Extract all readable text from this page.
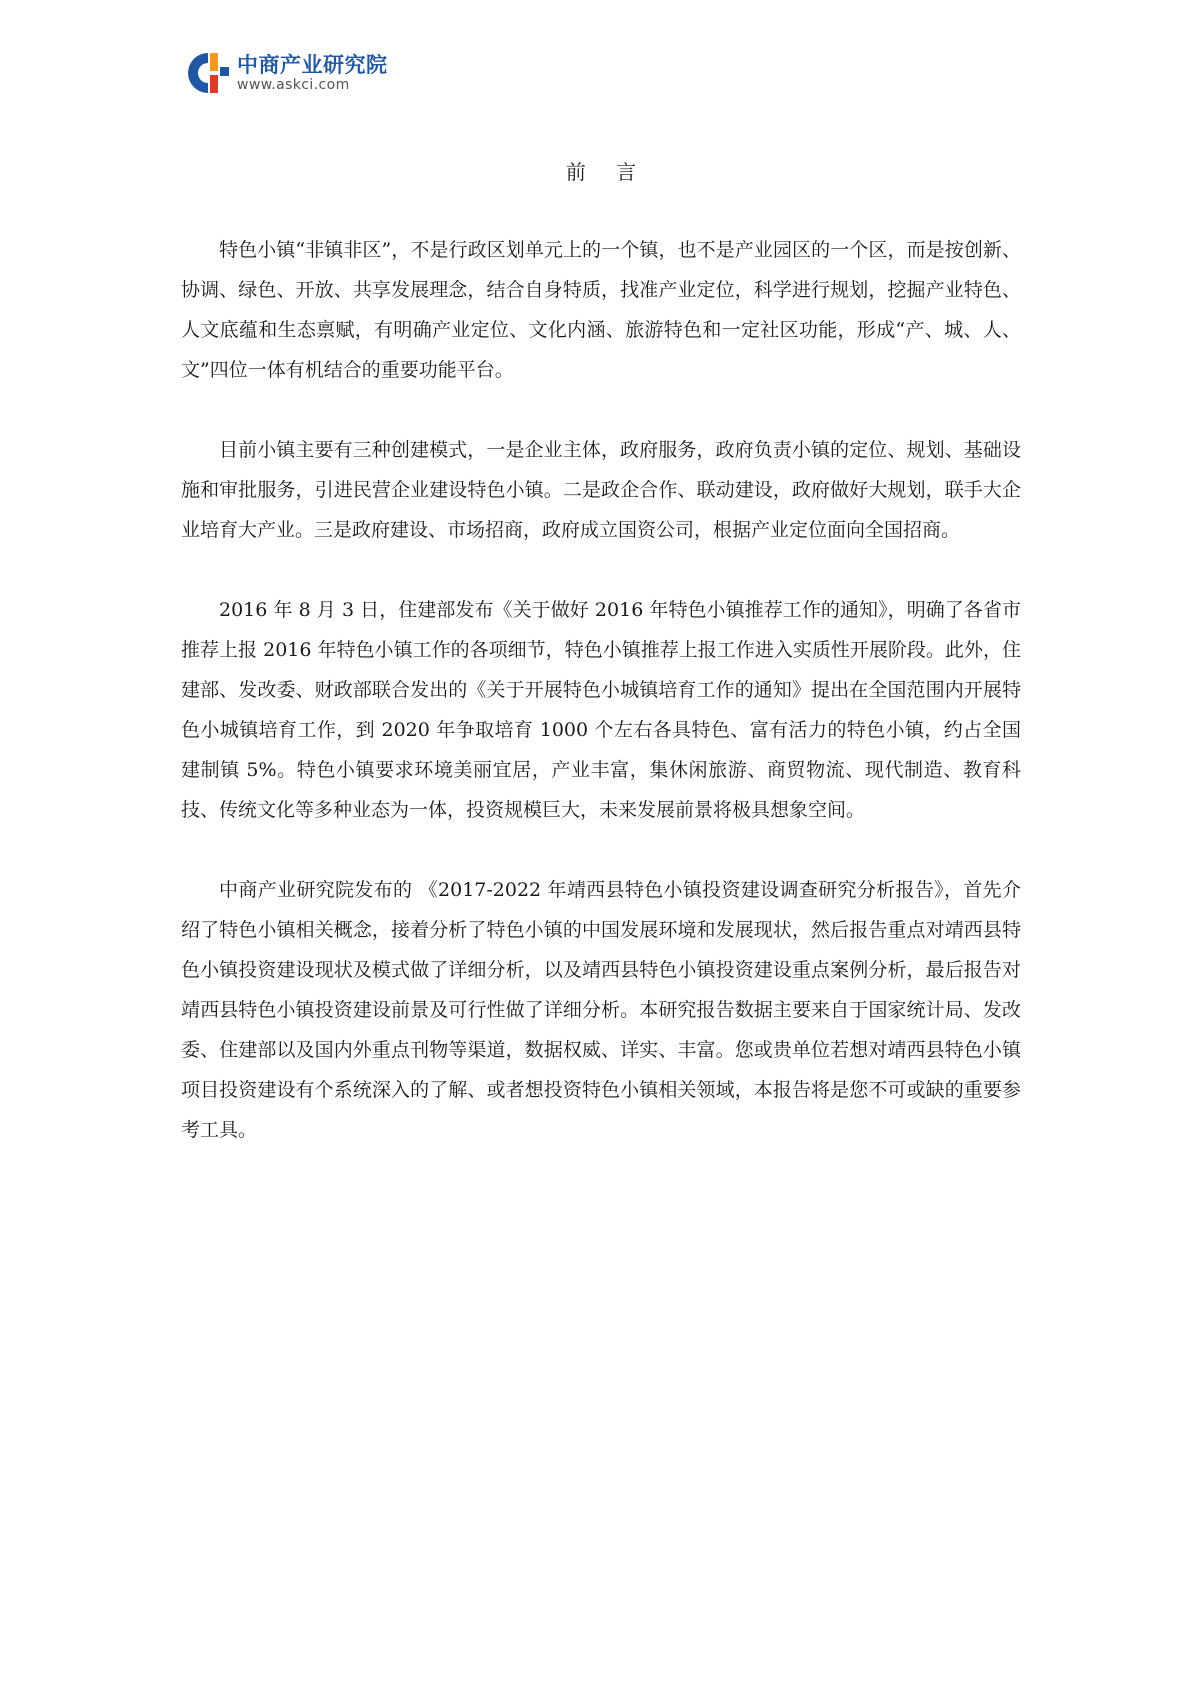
中商产业研究院
www.askci.com
前 言

特色小镇“非镇非区”，不是行政区划单元上的一个镇，也不是产业园区的一个区，而是按创新、协调、绿色、开放、共享发展理念，结合自身特质，找准产业定位，科学进行规划，挖掘产业特色、人文底蕴和生态禀赋，有明确产业定位、文化内涵、旅游特色和一定社区功能，形成“产、城、人、文”四位一体有机结合的重要功能平台。

目前小镇主要有三种创建模式，一是企业主体，政府服务，政府负责小镇的定位、规划、基础设施和审批服务，引进民营企业建设特色小镇。二是政企合作、联动建设，政府做好大规划，联手大企业培育大产业。三是政府建设、市场招商，政府成立国资公司，根据产业定位面向全国招商。

2016 年 8 月 3 日，住建部发布《关于做好 2016 年特色小镇推荐工作的通知》，明确了各省市推荐上报 2016 年特色小镇工作的各项细节，特色小镇推荐上报工作进入实质性开展阶段。此外，住建部、发改委、财政部联合发出的《关于开展特色小城镇培育工作的通知》提出在全国范围内开展特色小城镇培育工作，到 2020 年争取培育 1000 个左右各具特色、富有活力的特色小镇，约占全国建制镇 5%。特色小镇要求环境美丽宜居，产业丰富，集休闲旅游、商贸物流、现代制造、教育科技、传统文化等多种业态为一体，投资规模巨大，未来发展前景将极具想象空间。

中商产业研究院发布的 《2017-2022 年靖西县特色小镇投资建设调查研究分析报告》，首先介绍了特色小镇相关概念，接着分析了特色小镇的中国发展环境和发展现状，然后报告重点对靖西县特色小镇投资建设现状及模式做了详细分析，以及靖西县特色小镇投资建设重点案例分析，最后报告对靖西县特色小镇投资建设前景及可行性做了详细分析。本研究报告数据主要来自于国家统计局、发改委、住建部以及国内外重点刊物等渠道，数据权威、详实、丰富。您或贵单位若想对靖西县特色小镇项目投资建设有个系统深入的了解、或者想投资特色小镇相关领域，本报告将是您不可或缺的重要参考工具。
